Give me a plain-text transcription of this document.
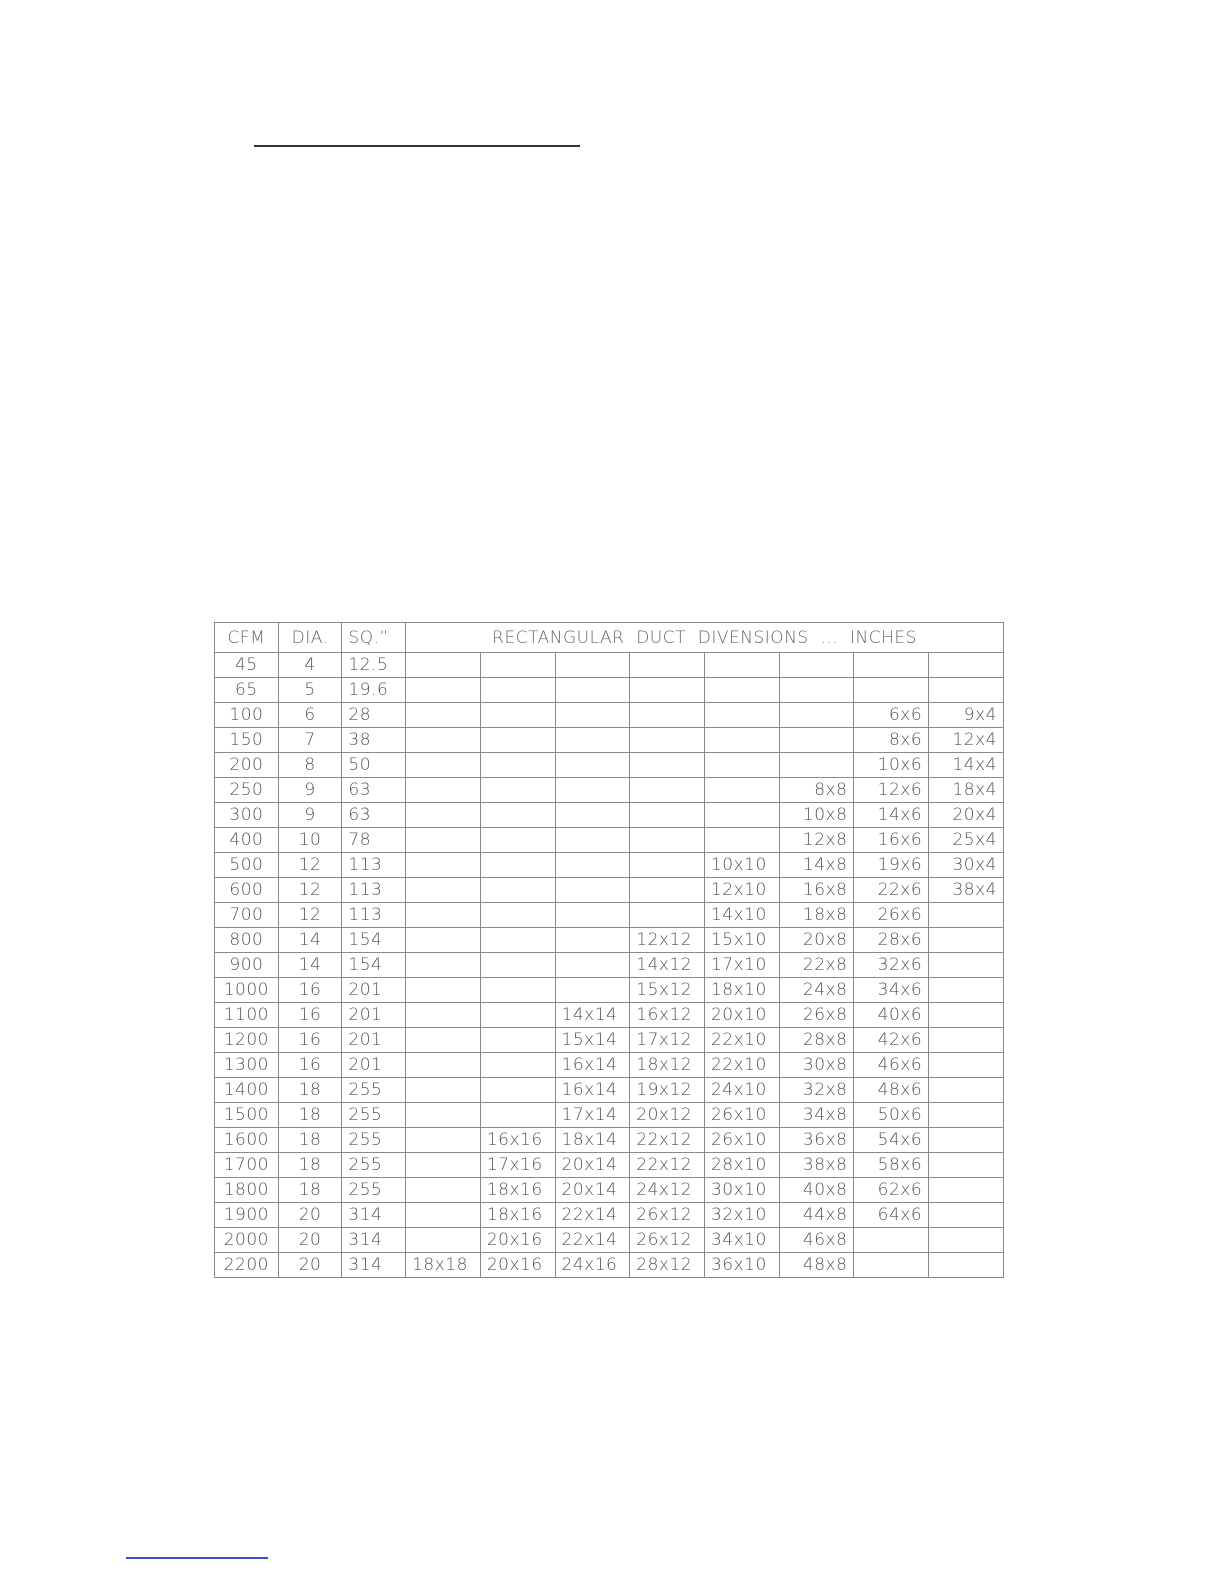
CFM	DIA.	SQ.”	RECTANGULAR  DUCT  DIVENSIONS  ...  INCHES							
45	4	12.5								
65	5	19.6								
100	6	28							6x6	9x4
150	7	38							8x6	12x4
200	8	50							10x6	14x4
250	9	63						8x8	12x6	18x4
300	9	63						10x8	14x6	20x4
400	10	78						12x8	16x6	25x4
500	12	113					10x10	14x8	19x6	30x4
600	12	113					12x10	16x8	22x6	38x4
700	12	113					14x10	18x8	26x6	
800	14	154				12x12	15x10	20x8	28x6	
900	14	154				14x12	17x10	22x8	32x6	
1000	16	201				15x12	18x10	24x8	34x6	
1100	16	201			14x14	16x12	20x10	26x8	40x6	
1200	16	201			15x14	17x12	22x10	28x8	42x6	
1300	16	201			16x14	18x12	22x10	30x8	46x6	
1400	18	255			16x14	19x12	24x10	32x8	48x6	
1500	18	255			17x14	20x12	26x10	34x8	50x6	
1600	18	255		16x16	18x14	22x12	26x10	36x8	54x6	
1700	18	255		17x16	20x14	22x12	28x10	38x8	58x6	
1800	18	255		18x16	20x14	24x12	30x10	40x8	62x6	
1900	20	314		18x16	22x14	26x12	32x10	44x8	64x6	
2000	20	314		20x16	22x14	26x12	34x10	46x8		
2200	20	314	18x18	20x16	24x16	28x12	36x10	48x8		
